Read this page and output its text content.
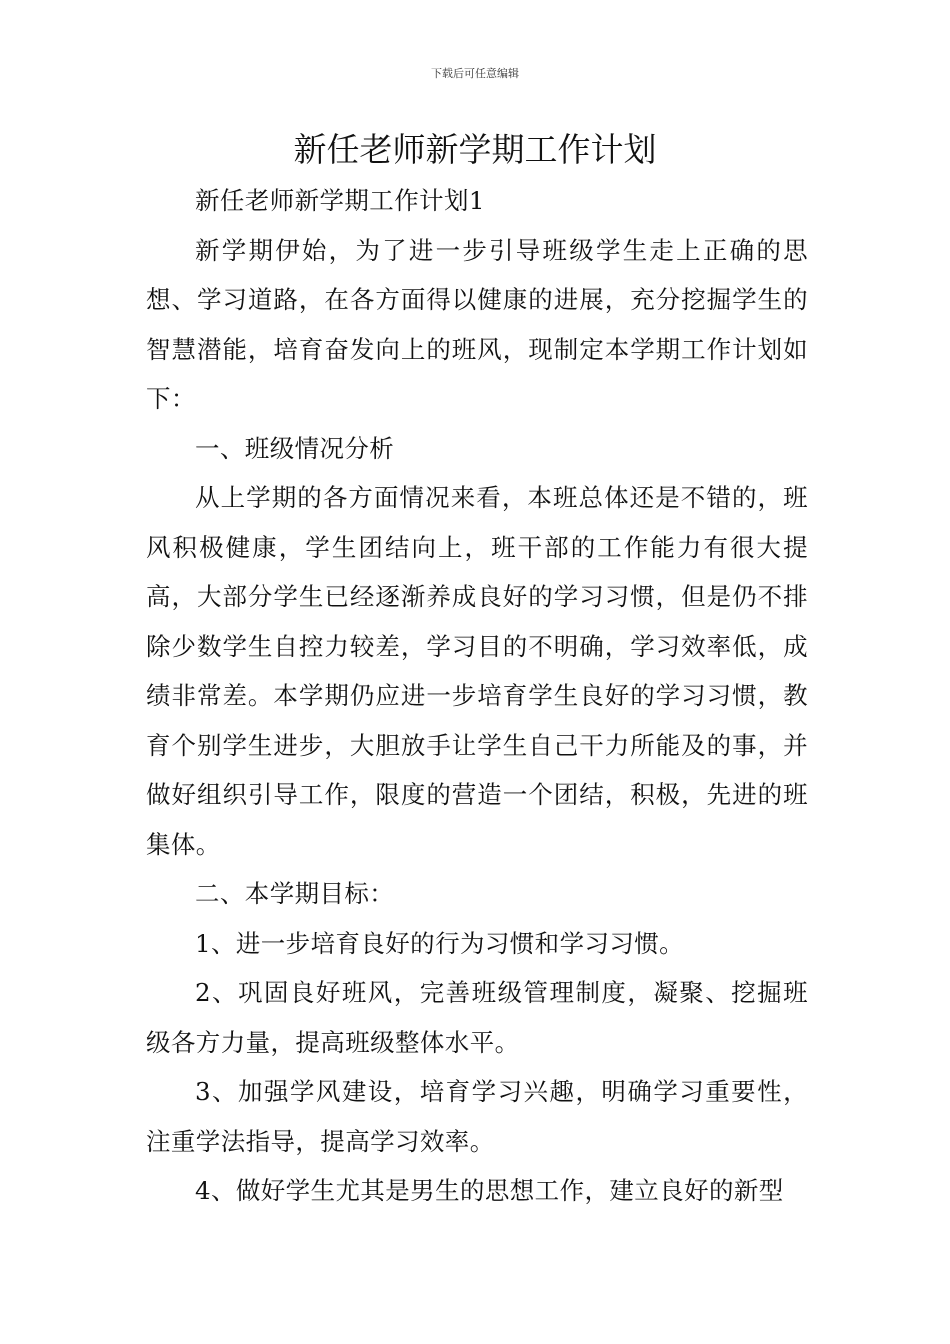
下载后可任意编辑
新任老师新学期工作计划

新任老师新学期工作计划1

新学期伊始，为了进一步引导班级学生走上正确的思想、学习道路，在各方面得以健康的进展，充分挖掘学生的智慧潜能，培育奋发向上的班风，现制定本学期工作计划如下：

一、班级情况分析

从上学期的各方面情况来看，本班总体还是不错的，班风积极健康，学生团结向上，班干部的工作能力有很大提高，大部分学生已经逐渐养成良好的学习习惯，但是仍不排除少数学生自控力较差，学习目的不明确，学习效率低，成绩非常差。本学期仍应进一步培育学生良好的学习习惯，教育个别学生进步，大胆放手让学生自己干力所能及的事，并做好组织引导工作，限度的营造一个团结，积极，先进的班集体。

二、本学期目标：

1、进一步培育良好的行为习惯和学习习惯。

2、巩固良好班风，完善班级管理制度，凝聚、挖掘班级各方力量，提高班级整体水平。

3、加强学风建设，培育学习兴趣，明确学习重要性，注重学法指导，提高学习效率。

4、做好学生尤其是男生的思想工作，建立良好的新型
